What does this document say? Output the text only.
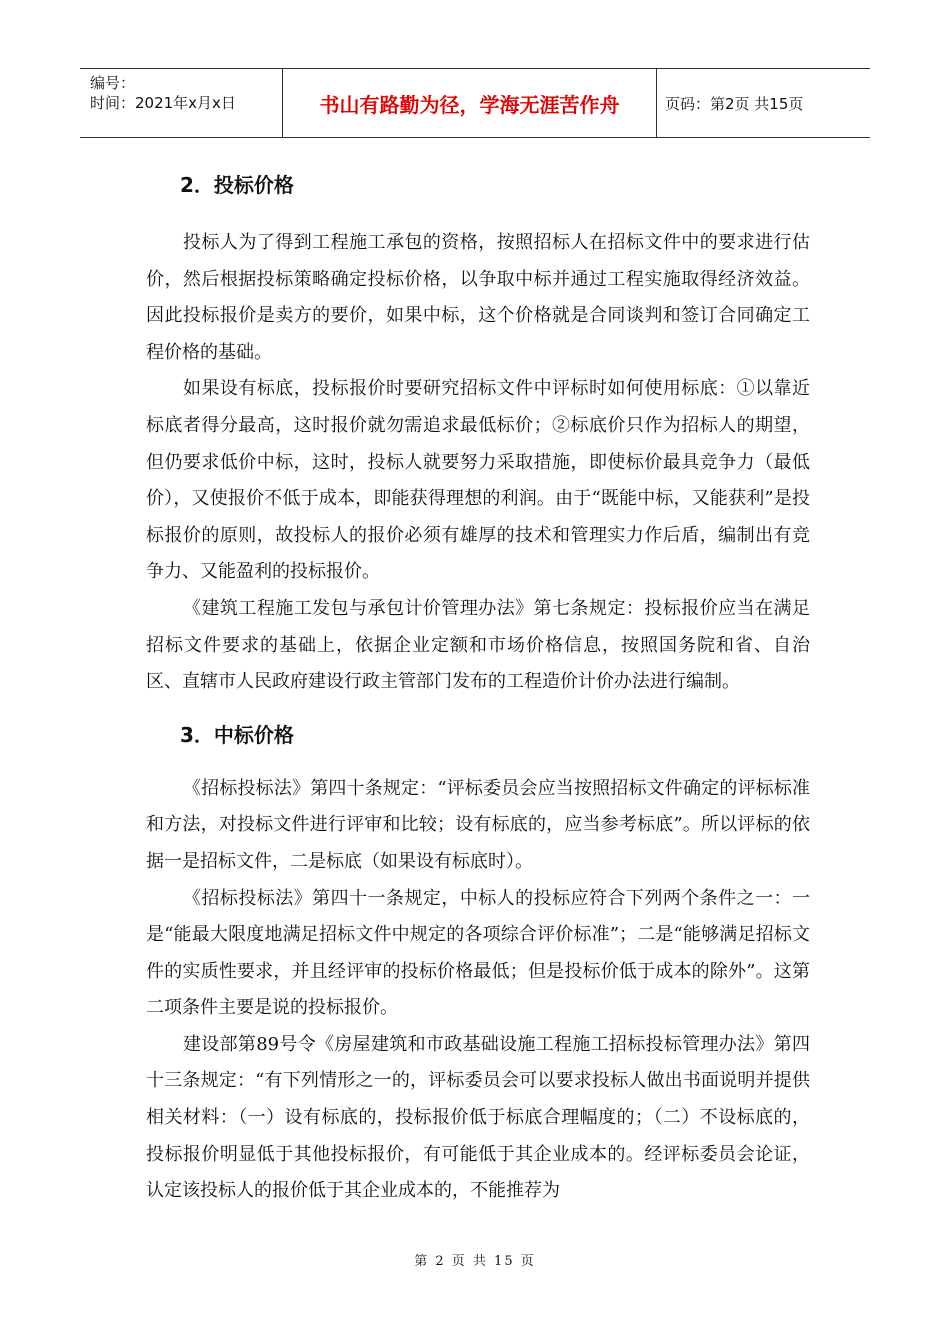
编号：
时间：2021年x月x日	书山有路勤为径，学海无涯苦作舟	页码：第2页 共15页
2．投标价格

投标人为了得到工程施工承包的资格，按照招标人在招标文件中的要求进行估价，然后根据投标策略确定投标价格，以争取中标并通过工程实施取得经济效益。因此投标报价是卖方的要价，如果中标，这个价格就是合同谈判和签订合同确定工程价格的基础。

如果设有标底，投标报价时要研究招标文件中评标时如何使用标底：①以靠近标底者得分最高，这时报价就勿需追求最低标价；②标底价只作为招标人的期望，但仍要求低价中标，这时，投标人就要努力采取措施，即使标价最具竞争力（最低价），又使报价不低于成本，即能获得理想的利润。由于“既能中标，又能获利”是投标报价的原则，故投标人的报价必须有雄厚的技术和管理实力作后盾，编制出有竞争力、又能盈利的投标报价。

《建筑工程施工发包与承包计价管理办法》第七条规定：投标报价应当在满足招标文件要求的基础上，依据企业定额和市场价格信息，按照国务院和省、自治区、直辖市人民政府建设行政主管部门发布的工程造价计价办法进行编制。

3．中标价格

《招标投标法》第四十条规定：“评标委员会应当按照招标文件确定的评标标准和方法，对投标文件进行评审和比较；设有标底的，应当参考标底”。所以评标的依据一是招标文件，二是标底（如果设有标底时）。

《招标投标法》第四十一条规定，中标人的投标应符合下列两个条件之一：一是“能最大限度地满足招标文件中规定的各项综合评价标准”；二是“能够满足招标文件的实质性要求，并且经评审的投标价格最低；但是投标价低于成本的除外”。这第二项条件主要是说的投标报价。

建设部第89号令《房屋建筑和市政基础设施工程施工招标投标管理办法》第四十三条规定：“有下列情形之一的，评标委员会可以要求投标人做出书面说明并提供相关材料：（一）设有标底的，投标报价低于标底合理幅度的；（二）不设标底的，投标报价明显低于其他投标报价，有可能低于其企业成本的。经评标委员会论证，认定该投标人的报价低于其企业成本的，不能推荐为

第 2 页 共 15 页
